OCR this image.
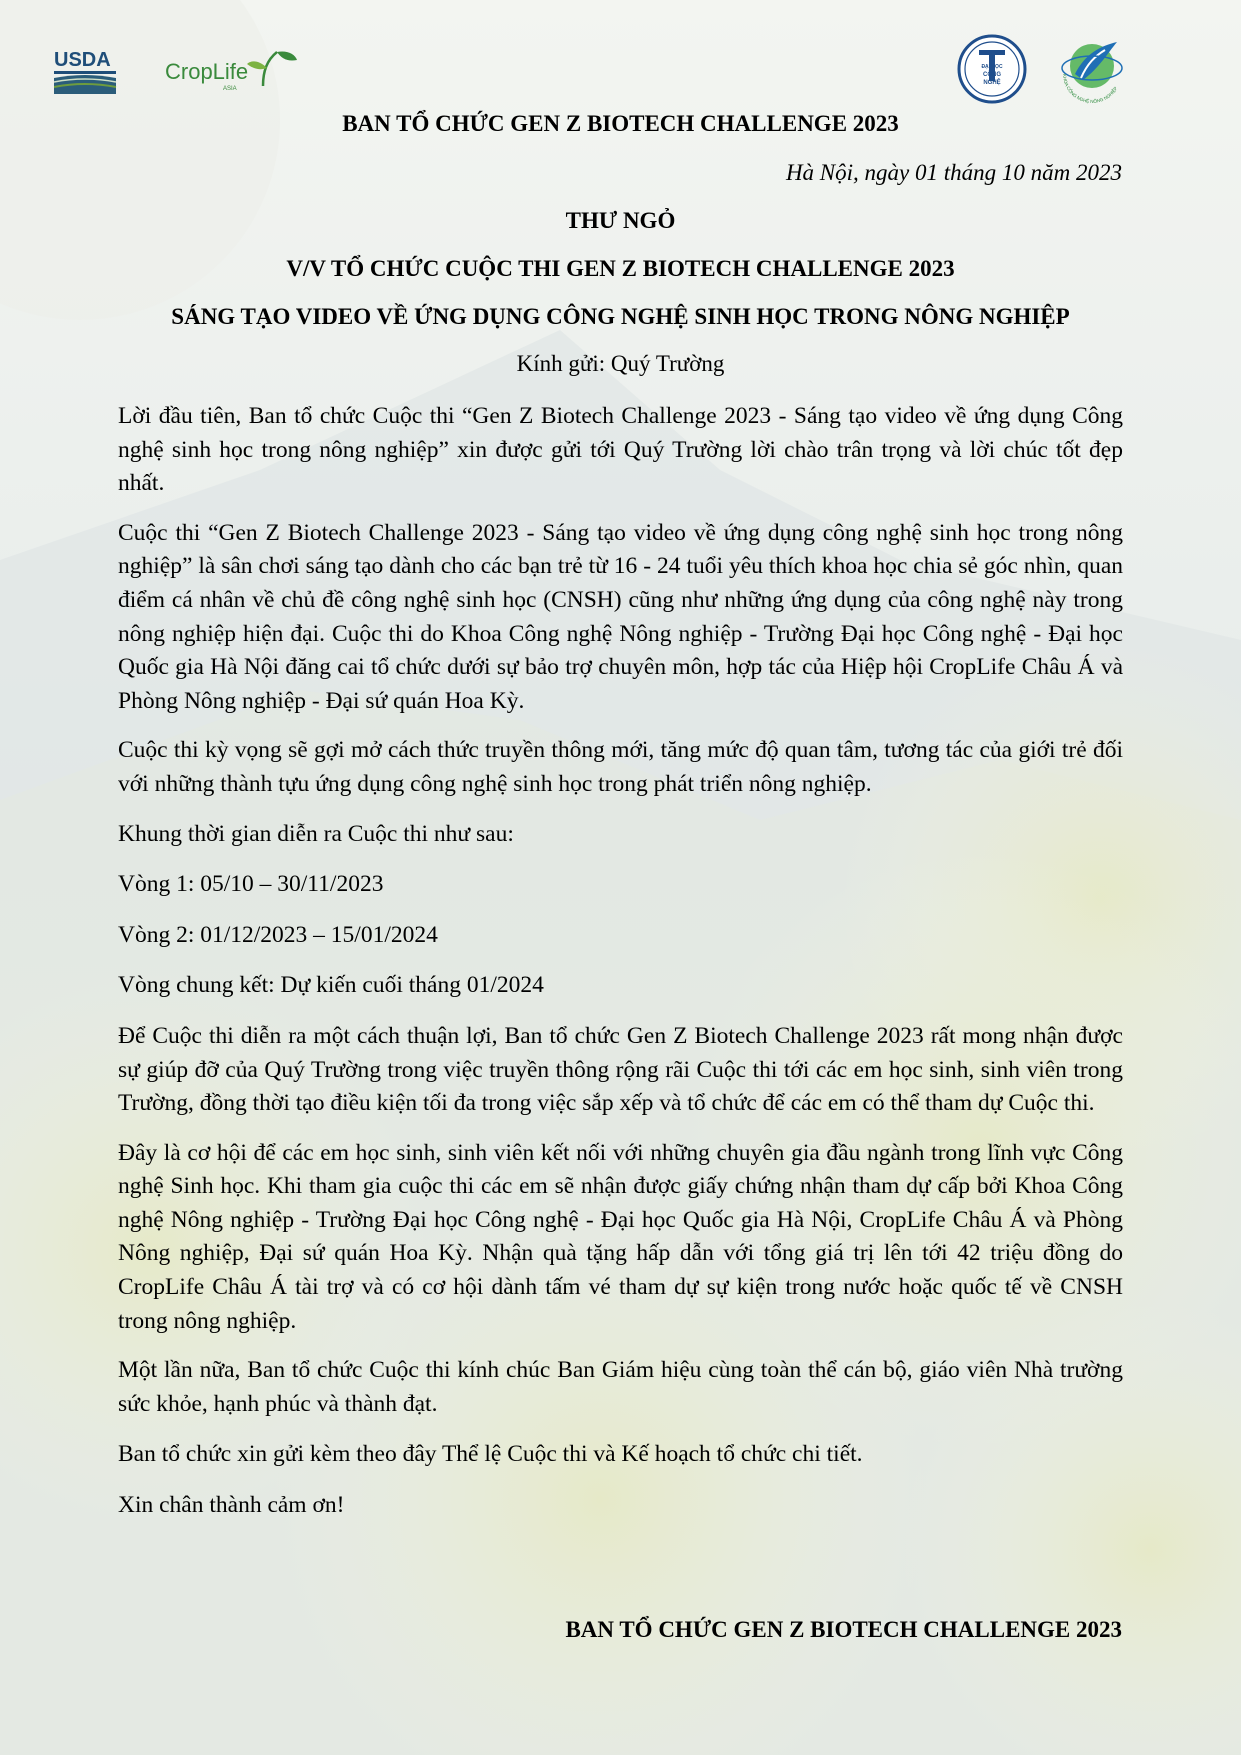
USDA CropLife
ASIA
ĐẠI HỌC
CÔNG
NGHỆ
KHOA CÔNG NGHỆ NÔNG NGHIỆP
BAN TỔ CHỨC GEN Z BIOTECH CHALLENGE 2023
Hà Nội, ngày 01 tháng 10 năm 2023
THƯ NGỎ
V/V TỔ CHỨC CUỘC THI GEN Z BIOTECH CHALLENGE 2023
SÁNG TẠO VIDEO VỀ ỨNG DỤNG CÔNG NGHỆ SINH HỌC TRONG NÔNG NGHIỆP
Kính gửi: Quý Trường

Lời đầu tiên, Ban tổ chức Cuộc thi “Gen Z Biotech Challenge 2023 - Sáng tạo video về ứng dụng Công nghệ sinh học trong nông nghiệp” xin được gửi tới Quý Trường lời chào trân trọng và lời chúc tốt đẹp nhất.

Cuộc thi “Gen Z Biotech Challenge 2023 - Sáng tạo video về ứng dụng công nghệ sinh học trong nông nghiệp” là sân chơi sáng tạo dành cho các bạn trẻ từ 16 - 24 tuổi yêu thích khoa học chia sẻ góc nhìn, quan điểm cá nhân về chủ đề công nghệ sinh học (CNSH) cũng như những ứng dụng của công nghệ này trong nông nghiệp hiện đại. Cuộc thi do Khoa Công nghệ Nông nghiệp - Trường Đại học Công nghệ - Đại học Quốc gia Hà Nội đăng cai tổ chức dưới sự bảo trợ chuyên môn, hợp tác của Hiệp hội CropLife Châu Á và Phòng Nông nghiệp - Đại sứ quán Hoa Kỳ.

Cuộc thi kỳ vọng sẽ gợi mở cách thức truyền thông mới, tăng mức độ quan tâm, tương tác của giới trẻ đối với những thành tựu ứng dụng công nghệ sinh học trong phát triển nông nghiệp.

Khung thời gian diễn ra Cuộc thi như sau:

Vòng 1: 05/10 – 30/11/2023

Vòng 2: 01/12/2023 – 15/01/2024

Vòng chung kết: Dự kiến cuối tháng 01/2024

Để Cuộc thi diễn ra một cách thuận lợi, Ban tổ chức Gen Z Biotech Challenge 2023 rất mong nhận được sự giúp đỡ của Quý Trường trong việc truyền thông rộng rãi Cuộc thi tới các em học sinh, sinh viên trong Trường, đồng thời tạo điều kiện tối đa trong việc sắp xếp và tổ chức để các em có thể tham dự Cuộc thi.

Đây là cơ hội để các em học sinh, sinh viên kết nối với những chuyên gia đầu ngành trong lĩnh vực Công nghệ Sinh học. Khi tham gia cuộc thi các em sẽ nhận được giấy chứng nhận tham dự cấp bởi Khoa Công nghệ Nông nghiệp - Trường Đại học Công nghệ - Đại học Quốc gia Hà Nội, CropLife Châu Á và Phòng Nông nghiệp, Đại sứ quán Hoa Kỳ. Nhận quà tặng hấp dẫn với tổng giá trị lên tới 42 triệu đồng do CropLife Châu Á tài trợ và có cơ hội dành tấm vé tham dự sự kiện trong nước hoặc quốc tế về CNSH trong nông nghiệp.

Một lần nữa, Ban tổ chức Cuộc thi kính chúc Ban Giám hiệu cùng toàn thể cán bộ, giáo viên Nhà trường sức khỏe, hạnh phúc và thành đạt.

Ban tổ chức xin gửi kèm theo đây Thể lệ Cuộc thi và Kế hoạch tổ chức chi tiết.

Xin chân thành cảm ơn!

BAN TỔ CHỨC GEN Z BIOTECH CHALLENGE 2023
